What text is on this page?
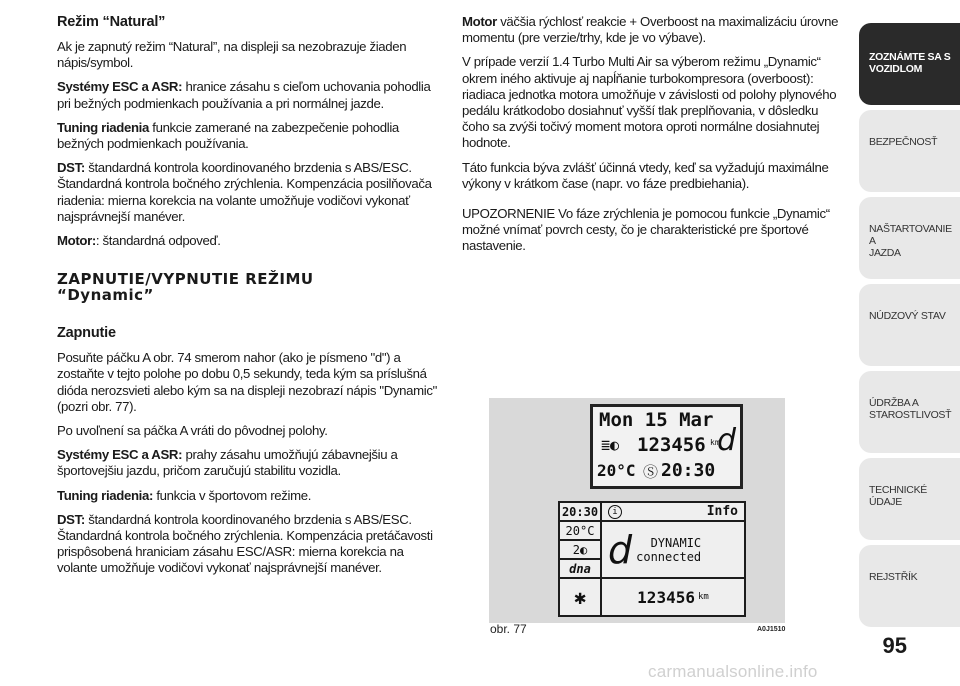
Režim “Natural”

Ak je zapnutý režim “Natural”, na displeji sa nezobrazuje žiaden nápis/symbol.

Systémy ESC a ASR: hranice zásahu s cieľom uchovania pohodlia pri bežných podmienkach používania a pri normálnej jazde.

Tuning riadenia funkcie zamerané na zabezpečenie pohodlia bežných podmienkach používania.

DST: štandardná kontrola koordinovaného brzdenia s ABS/ESC. Štandardná kontrola bočného zrýchlenia. Kompenzácia posilňovača riadenia: mierna korekcia na volante umožňuje vodičovi vykonať najsprávnejší manéver.

Motor:: štandardná odpoveď.

ZAPNUTIE/VYPNUTIE REŽIMU
“Dynamic”
Zapnutie

Posuňte páčku A obr. 74 smerom nahor (ako je písmeno "d") a zostaňte v tejto polohe po dobu 0,5 sekundy, teda kým sa príslušná dióda nerozsvieti alebo kým sa na displeji nezobrazí nápis "Dynamic" (pozri obr. 77).

Po uvoľnení sa páčka A vráti do pôvodnej polohy.

Systémy ESC a ASR: prahy zásahu umožňujú zábavnejšiu a športovejšiu jazdu, pričom zaručujú stabilitu vozidla.

Tuning riadenia: funkcia v športovom režime.

DST: štandardná kontrola koordinovaného brzdenia s ABS/ESC. Štandardná kontrola bočného zrýchlenia. Kompenzácia pretáčavosti prispôsobená hraniciam zásahu ESC/ASR: mierna korekcia na volante umožňuje vodičovi vykonať najsprávnejší manéver.

Motor väčšia rýchlosť reakcie + Overboost na maximalizáciu úrovne momentu (pre verzie/trhy, kde je vo výbave).

V prípade verzií 1.4 Turbo Multi Air sa výberom režimu „Dynamic“ okrem iného aktivuje aj napĺňanie turbokompresora (overboost): riadiaca jednotka motora umožňuje v závislosti od polohy plynového pedálu krátkodobo dosiahnuť vyšší tlak preplňovania, v dôsledku čoho sa zvýši točivý moment motora oproti normálne dosiahnutej hodnote.

Táto funkcia býva zvlášť účinná vtedy, keď sa vyžadujú maximálne výkony v krátkom čase (napr. vo fáze predbiehania).

UPOZORNENIE Vo fáze zrýchlenia je pomocou funkcie „Dynamic“ možné vnímať povrch cesty, čo je charakteristické pre športové nastavenie.

Mon 15 Mar
≣◐ 123456 km
d
20°C Ⓢ 20:30
20:30	i	Info
20°C
2 ◐
dna
✱
d DYNAMIC
connected
123456 km
obr. 77	A0J1510
ZOZNÁMTE SA S
VOZIDLOM
BEZPEČNOSŤ

NAŠTARTOVANIE A
JAZDA
NÚDZOVÝ STAV

ÚDRŽBA A
STAROSTLIVOSŤ
TECHNICKÉ ÚDAJE

REJSTŘÍK

95
carmanualsonline.info
